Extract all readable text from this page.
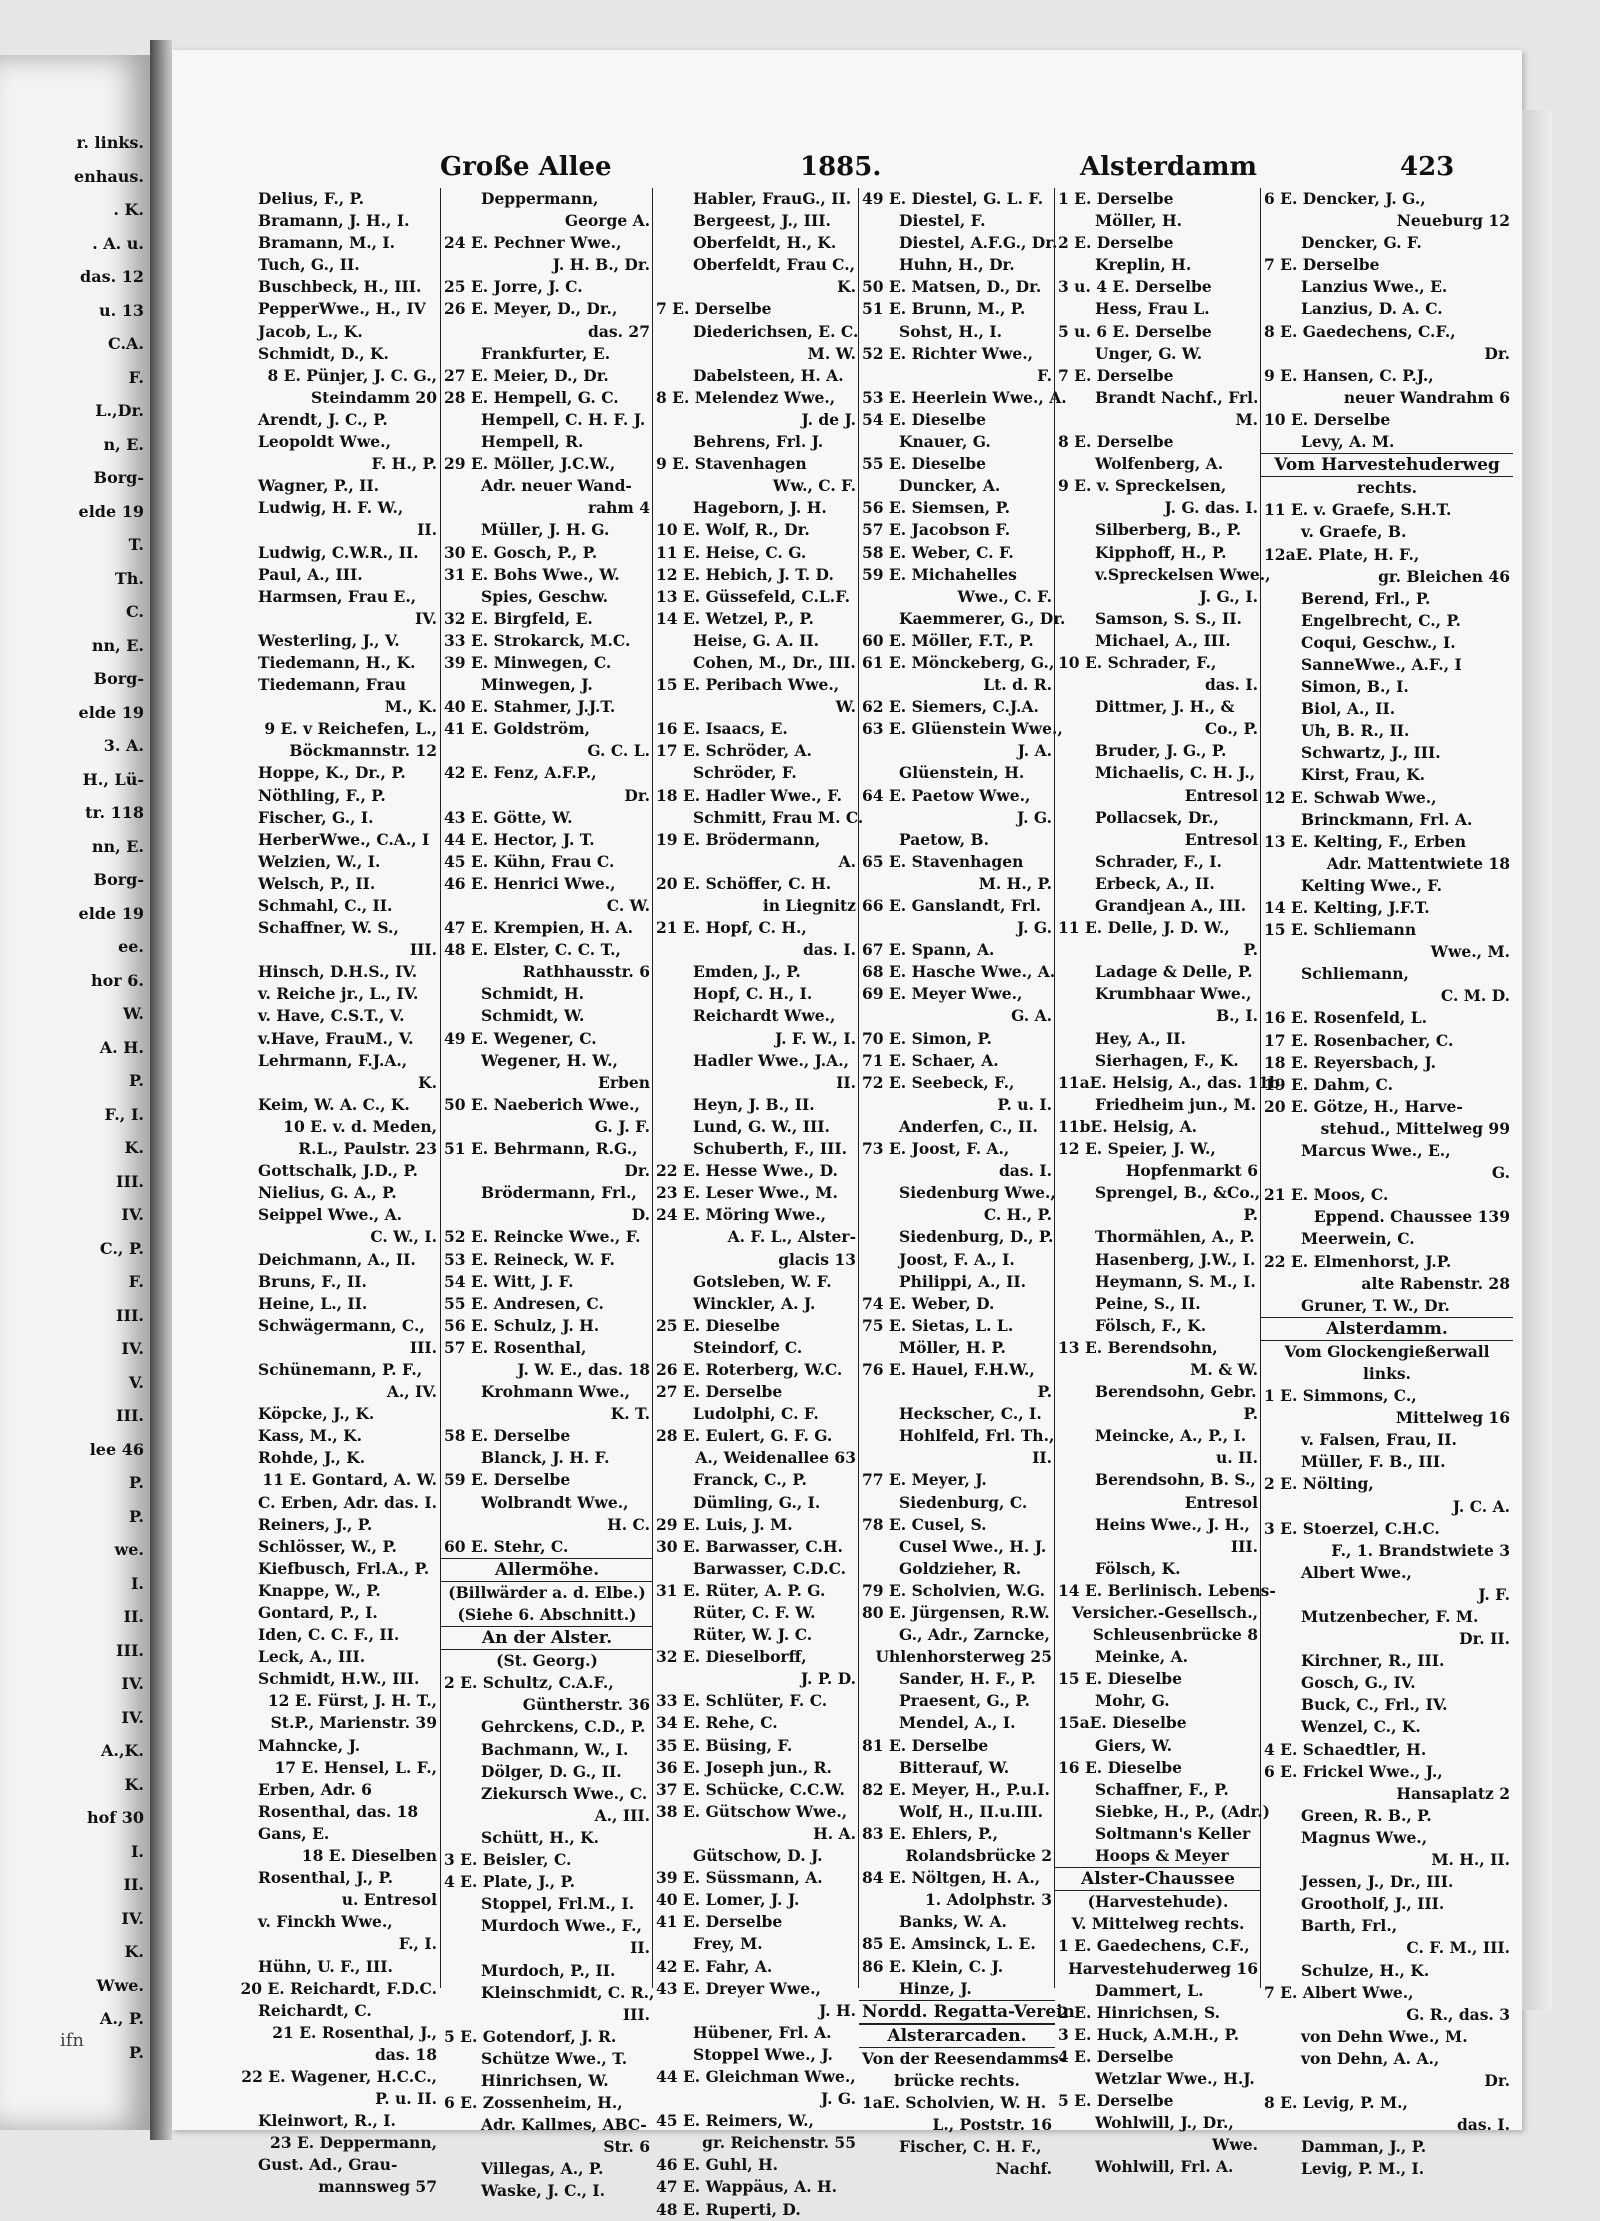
r. links.
enhaus.
. K.
. A. u.
das. 12
u. 13
C.A.
F.
L.,Dr.
n, E.
Borg-
elde 19
T.
Th.
C.
nn, E.
Borg-
elde 19
3. A.
H., Lü-
tr. 118
nn, E.
Borg-
elde 19
ee.
hor 6.
W.
A. H.
P.
F., I.
K.
III.
IV.
C., P.
F.
III.
IV.
V.
III.
lee 46
P.
P.
we.
I.
II.
III.
IV.
IV.
A.,K.
K.
hof 30
I.
II.
IV.
K.
Wwe.
A., P.
P.
Große Allee	1885.	Alsterdamm	423
Delius, F., P.
Bramann, J. H., I.
Bramann, M., I.
Tuch, G., II.
Buschbeck, H., III.
PepperWwe., H., IV
Jacob, L., K.
Schmidt, D., K.
8 E. Pünjer, J. C. G.,
Steindamm 20
Arendt, J. C., P.
Leopoldt Wwe.,
F. H., P.
Wagner, P., II.
Ludwig, H. F. W.,
II.
Ludwig, C.W.R., II.
Paul, A., III.
Harmsen, Frau E.,
IV.
Westerling, J., V.
Tiedemann, H., K.
Tiedemann, Frau
M., K.
9 E. v Reichefen, L.,
Böckmannstr. 12
Hoppe, K., Dr., P.
Nöthling, F., P.
Fischer, G., I.
HerberWwe., C.A., I
Welzien, W., I.
Welsch, P., II.
Schmahl, C., II.
Schaffner, W. S.,
III.
Hinsch, D.H.S., IV.
v. Reiche jr., L., IV.
v. Have, C.S.T., V.
v.Have, FrauM., V.
Lehrmann, F.J.A.,
K.
Keim, W. A. C., K.
10 E. v. d. Meden,
R.L., Paulstr. 23
Gottschalk, J.D., P.
Nielius, G. A., P.
Seippel Wwe., A.
C. W., I.
Deichmann, A., II.
Bruns, F., II.
Heine, L., II.
Schwägermann, C.,
III.
Schünemann, P. F.,
A., IV.
Köpcke, J., K.
Kass, M., K.
Rohde, J., K.
11 E. Gontard, A. W.
C. Erben, Adr. das. I.
Reiners, J., P.
Schlösser, W., P.
Kiefbusch, Frl.A., P.
Knappe, W., P.
Gontard, P., I.
Iden, C. C. F., II.
Leck, A., III.
Schmidt, H.W., III.
12 E. Fürst, J. H. T.,
St.P., Marienstr. 39
Mahncke, J.
17 E. Hensel, L. F.,
Erben, Adr. 6
Rosenthal, das. 18
Gans, E.
18 E. Dieselben
Rosenthal, J., P.
u. Entresol
v. Finckh Wwe.,
F., I.
Hühn, U. F., III.
20 E. Reichardt, F.D.C.
Reichardt, C.
21 E. Rosenthal, J.,
das. 18
22 E. Wagener, H.C.C.,
P. u. II.
Kleinwort, R., I.
23 E. Deppermann,
Gust. Ad., Grau-
mannsweg 57
Deppermann,
George A.
24 E. Pechner Wwe.,
J. H. B., Dr.
25 E. Jorre, J. C.
26 E. Meyer, D., Dr.,
das. 27
Frankfurter, E.
27 E. Meier, D., Dr.
28 E. Hempell, G. C.
Hempell, C. H. F. J.
Hempell, R.
29 E. Möller, J.C.W.,
Adr. neuer Wand-
rahm 4
Müller, J. H. G.
30 E. Gosch, P., P.
31 E. Bohs Wwe., W.
Spies, Geschw.
32 E. Birgfeld, E.
33 E. Strokarck, M.C.
39 E. Minwegen, C.
Minwegen, J.
40 E. Stahmer, J.J.T.
41 E. Goldström,
G. C. L.
42 E. Fenz, A.F.P.,
Dr.
43 E. Götte, W.
44 E. Hector, J. T.
45 E. Kühn, Frau C.
46 E. Henrici Wwe.,
C. W.
47 E. Krempien, H. A.
48 E. Elster, C. C. T.,
Rathhausstr. 6
Schmidt, H.
Schmidt, W.
49 E. Wegener, C.
Wegener, H. W.,
Erben
50 E. Naeberich Wwe.,
G. J. F.
51 E. Behrmann, R.G.,
Dr.
Brödermann, Frl.,
D.
52 E. Reincke Wwe., F.
53 E. Reineck, W. F.
54 E. Witt, J. F.
55 E. Andresen, C.
56 E. Schulz, J. H.
57 E. Rosenthal,
J. W. E., das. 18
Krohmann Wwe.,
K. T.
58 E. Derselbe
Blanck, J. H. F.
59 E. Derselbe
Wolbrandt Wwe.,
H. C.
60 E. Stehr, C.
Allermöhe.
(Billwärder a. d. Elbe.)
(Siehe 6. Abschnitt.)
An der Alster.
(St. Georg.)
2 E. Schultz, C.A.F.,
Güntherstr. 36
Gehrckens, C.D., P.
Bachmann, W., I.
Dölger, D. G., II.
Ziekursch Wwe., C.
A., III.
Schütt, H., K.
3 E. Beisler, C.
4 E. Plate, J., P.
Stoppel, Frl.M., I.
Murdoch Wwe., F.,
II.
Murdoch, P., II.
Kleinschmidt, C. R.,
III.
5 E. Gotendorf, J. R.
Schütze Wwe., T.
Hinrichsen, W.
6 E. Zossenheim, H.,
Adr. Kallmes, ABC-
Str. 6
Villegas, A., P.
Waske, J. C., I.
Habler, FrauG., II.
Bergeest, J., III.
Oberfeldt, H., K.
Oberfeldt, Frau C.,
K.
7 E. Derselbe
Diederichsen, E. C.
M. W.
Dabelsteen, H. A.
8 E. Melendez Wwe.,
J. de J.
Behrens, Frl. J.
9 E. Stavenhagen
Ww., C. F.
Hageborn, J. H.
10 E. Wolf, R., Dr.
11 E. Heise, C. G.
12 E. Hebich, J. T. D.
13 E. Güssefeld, C.L.F.
14 E. Wetzel, P., P.
Heise, G. A. II.
Cohen, M., Dr., III.
15 E. Peribach Wwe.,
W.
16 E. Isaacs, E.
17 E. Schröder, A.
Schröder, F.
18 E. Hadler Wwe., F.
Schmitt, Frau M. C.
19 E. Brödermann,
A.
20 E. Schöffer, C. H.
in Liegnitz
21 E. Hopf, C. H.,
das. I.
Emden, J., P.
Hopf, C. H., I.
Reichardt Wwe.,
J. F. W., I.
Hadler Wwe., J.A.,
II.
Heyn, J. B., II.
Lund, G. W., III.
Schuberth, F., III.
22 E. Hesse Wwe., D.
23 E. Leser Wwe., M.
24 E. Möring Wwe.,
A. F. L., Alster-
glacis 13
Gotsleben, W. F.
Winckler, A. J.
25 E. Dieselbe
Steindorf, C.
26 E. Roterberg, W.C.
27 E. Derselbe
Ludolphi, C. F.
28 E. Eulert, G. F. G.
A., Weidenallee 63
Franck, C., P.
Dümling, G., I.
29 E. Luis, J. M.
30 E. Barwasser, C.H.
Barwasser, C.D.C.
31 E. Rüter, A. P. G.
Rüter, C. F. W.
Rüter, W. J. C.
32 E. Dieselborff,
J. P. D.
33 E. Schlüter, F. C.
34 E. Rehe, C.
35 E. Büsing, F.
36 E. Joseph jun., R.
37 E. Schücke, C.C.W.
38 E. Gütschow Wwe.,
H. A.
Gütschow, D. J.
39 E. Süssmann, A.
40 E. Lomer, J. J.
41 E. Derselbe
Frey, M.
42 E. Fahr, A.
43 E. Dreyer Wwe.,
J. H.
Hübener, Frl. A.
Stoppel Wwe., J.
44 E. Gleichman Wwe.,
J. G.
45 E. Reimers, W.,
gr. Reichenstr. 55
46 E. Guhl, H.
47 E. Wappäus, A. H.
48 E. Ruperti, D.
49 E. Diestel, G. L. F.
Diestel, F.
Diestel, A.F.G., Dr.
Huhn, H., Dr.
50 E. Matsen, D., Dr.
51 E. Brunn, M., P.
Sohst, H., I.
52 E. Richter Wwe.,
F.
53 E. Heerlein Wwe., A.
54 E. Dieselbe
Knauer, G.
55 E. Dieselbe
Duncker, A.
56 E. Siemsen, P.
57 E. Jacobson F.
58 E. Weber, C. F.
59 E. Michahelles
Wwe., C. F.
Kaemmerer, G., Dr.
60 E. Möller, F.T., P.
61 E. Mönckeberg, G.,
Lt. d. R.
62 E. Siemers, C.J.A.
63 E. Glüenstein Wwe.,
J. A.
Glüenstein, H.
64 E. Paetow Wwe.,
J. G.
Paetow, B.
65 E. Stavenhagen
M. H., P.
66 E. Ganslandt, Frl.
J. G.
67 E. Spann, A.
68 E. Hasche Wwe., A.
69 E. Meyer Wwe.,
G. A.
70 E. Simon, P.
71 E. Schaer, A.
72 E. Seebeck, F.,
P. u. I.
Anderfen, C., II.
73 E. Joost, F. A.,
das. I.
Siedenburg Wwe.,
C. H., P.
Siedenburg, D., P.
Joost, F. A., I.
Philippi, A., II.
74 E. Weber, D.
75 E. Sietas, L. L.
Möller, H. P.
76 E. Hauel, F.H.W.,
P.
Heckscher, C., I.
Hohlfeld, Frl. Th.,
II.
77 E. Meyer, J.
Siedenburg, C.
78 E. Cusel, S.
Cusel Wwe., H. J.
Goldzieher, R.
79 E. Scholvien, W.G.
80 E. Jürgensen, R.W.
G., Adr., Zarncke,
Uhlenhorsterweg 25
Sander, H. F., P.
Praesent, G., P.
Mendel, A., I.
81 E. Derselbe
Bitterauf, W.
82 E. Meyer, H., P.u.I.
Wolf, H., II.u.III.
83 E. Ehlers, P.,
Rolandsbrücke 2
84 E. Nöltgen, H. A.,
1. Adolphstr. 3
Banks, W. A.
85 E. Amsinck, L. E.
86 E. Klein, C. J.
Hinze, J.
Nordd. Regatta-Verein
Alsterarcaden.
Von der Reesendamms-
brücke rechts.
1aE. Scholvien, W. H.
L., Poststr. 16
Fischer, C. H. F.,
Nachf.
1 E. Derselbe
Möller, H.
2 E. Derselbe
Kreplin, H.
3 u. 4 E. Derselbe
Hess, Frau L.
5 u. 6 E. Derselbe
Unger, G. W.
7 E. Derselbe
Brandt Nachf., Frl.
M.
8 E. Derselbe
Wolfenberg, A.
9 E. v. Spreckelsen,
J. G. das. I.
Silberberg, B., P.
Kipphoff, H., P.
v.Spreckelsen Wwe.,
J. G., I.
Samson, S. S., II.
Michael, A., III.
10 E. Schrader, F.,
das. I.
Dittmer, J. H., &
Co., P.
Bruder, J. G., P.
Michaelis, C. H. J.,
Entresol
Pollacsek, Dr.,
Entresol
Schrader, F., I.
Erbeck, A., II.
Grandjean A., III.
11 E. Delle, J. D. W.,
P.
Ladage & Delle, P.
Krumbhaar Wwe.,
B., I.
Hey, A., II.
Sierhagen, F., K.
11aE. Helsig, A., das. 11b
Friedheim jun., M.
11bE. Helsig, A.
12 E. Speier, J. W.,
Hopfenmarkt 6
Sprengel, B., &Co.,
P.
Thormählen, A., P.
Hasenberg, J.W., I.
Heymann, S. M., I.
Peine, S., II.
Fölsch, F., K.
13 E. Berendsohn,
M. & W.
Berendsohn, Gebr.
P.
Meincke, A., P., I.
u. II.
Berendsohn, B. S.,
Entresol
Heins Wwe., J. H.,
III.
Fölsch, K.
14 E. Berlinisch. Lebens-
Versicher.-Gesellsch.,
Schleusenbrücke 8
Meinke, A.
15 E. Dieselbe
Mohr, G.
15aE. Dieselbe
Giers, W.
16 E. Dieselbe
Schaffner, F., P.
Siebke, H., P., (Adr.)
Soltmann's Keller
Hoops & Meyer
Alster-Chaussee
(Harvestehude).
V. Mittelweg rechts.
1 E. Gaedechens, C.F.,
Harvestehuderweg 16
Dammert, L.
2 E. Hinrichsen, S.
3 E. Huck, A.M.H., P.
4 E. Derselbe
Wetzlar Wwe., H.J.
5 E. Derselbe
Wohlwill, J., Dr.,
Wwe.
Wohlwill, Frl. A.
6 E. Dencker, J. G.,
Neueburg 12
Dencker, G. F.
7 E. Derselbe
Lanzius Wwe., E.
Lanzius, D. A. C.
8 E. Gaedechens, C.F.,
Dr.
9 E. Hansen, C. P.J.,
neuer Wandrahm 6
10 E. Derselbe
Levy, A. M.
Vom Harvestehuderweg
rechts.
11 E. v. Graefe, S.H.T.
v. Graefe, B.
12aE. Plate, H. F.,
gr. Bleichen 46
Berend, Frl., P.
Engelbrecht, C., P.
Coqui, Geschw., I.
SanneWwe., A.F., I
Simon, B., I.
Biol, A., II.
Uh, B. R., II.
Schwartz, J., III.
Kirst, Frau, K.
12 E. Schwab Wwe.,
Brinckmann, Frl. A.
13 E. Kelting, F., Erben
Adr. Mattentwiete 18
Kelting Wwe., F.
14 E. Kelting, J.F.T.
15 E. Schliemann
Wwe., M.
Schliemann,
C. M. D.
16 E. Rosenfeld, L.
17 E. Rosenbacher, C.
18 E. Reyersbach, J.
19 E. Dahm, C.
20 E. Götze, H., Harve-
stehud., Mittelweg 99
Marcus Wwe., E.,
G.
21 E. Moos, C.
Eppend. Chaussee 139
Meerwein, C.
22 E. Elmenhorst, J.P.
alte Rabenstr. 28
Gruner, T. W., Dr.
Alsterdamm.
Vom Glockengießerwall
links.
1 E. Simmons, C.,
Mittelweg 16
v. Falsen, Frau, II.
Müller, F. B., III.
2 E. Nölting,
J. C. A.
3 E. Stoerzel, C.H.C.
F., 1. Brandstwiete 3
Albert Wwe.,
J. F.
Mutzenbecher, F. M.
Dr. II.
Kirchner, R., III.
Gosch, G., IV.
Buck, C., Frl., IV.
Wenzel, C., K.
4 E. Schaedtler, H.
6 E. Frickel Wwe., J.,
Hansaplatz 2
Green, R. B., P.
Magnus Wwe.,
M. H., II.
Jessen, J., Dr., III.
Grootholf, J., III.
Barth, Frl.,
C. F. M., III.
Schulze, H., K.
7 E. Albert Wwe.,
G. R., das. 3
von Dehn Wwe., M.
von Dehn, A. A.,
Dr.
8 E. Levig, P. M.,
das. I.
Damman, J., P.
Levig, P. M., I.
ifn
